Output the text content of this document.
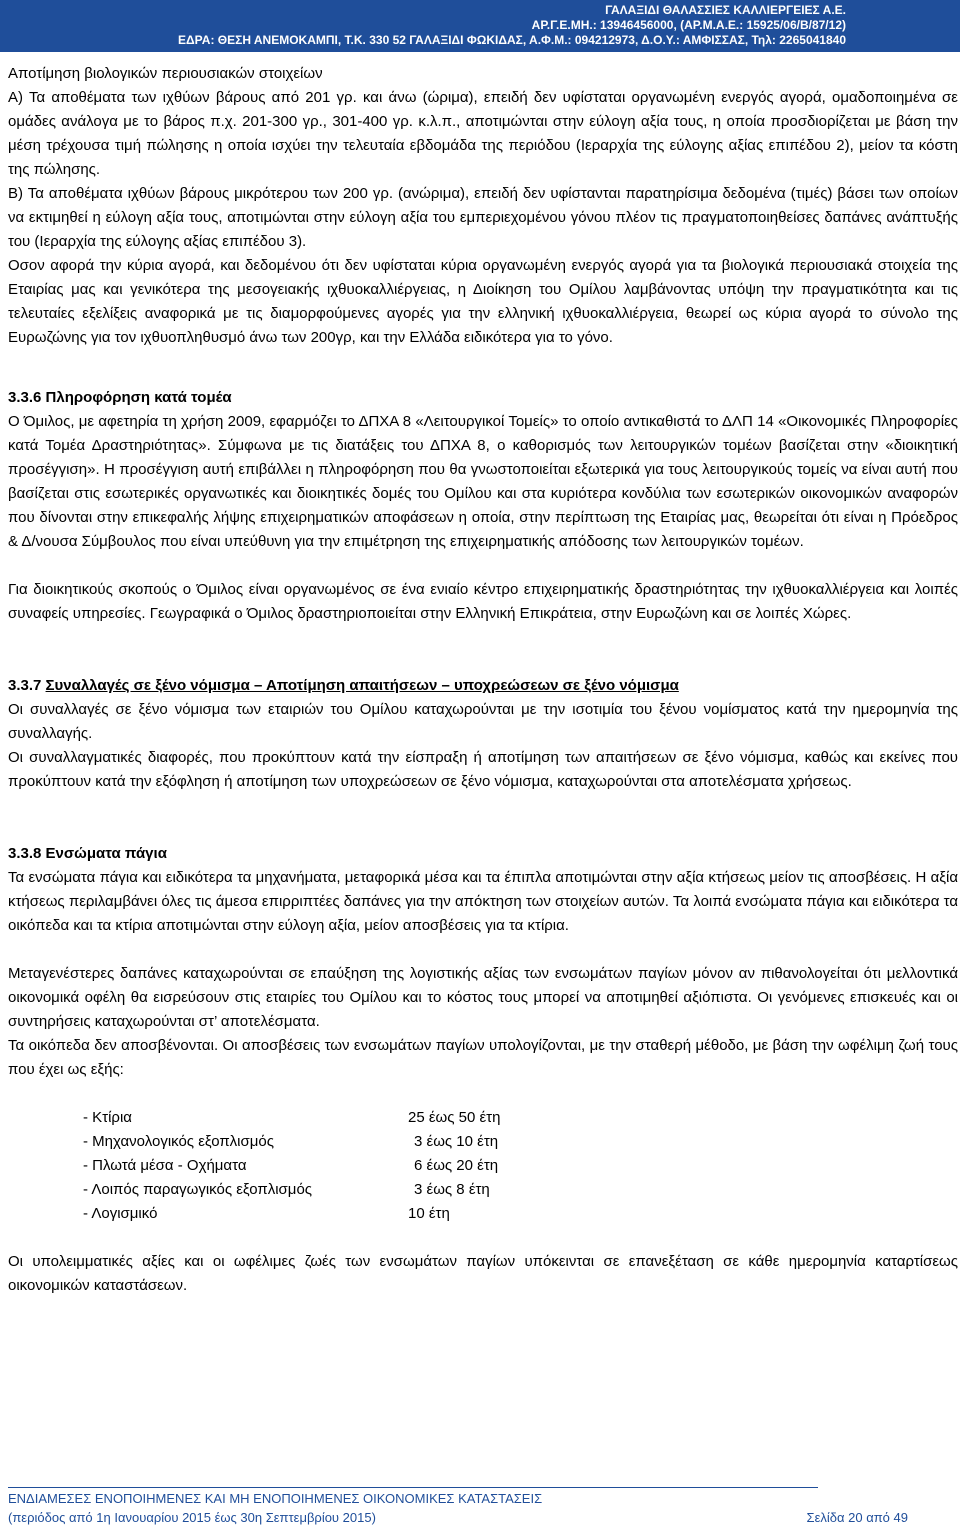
ΓΑΛΑΞΙΔΙ ΘΑΛΑΣΣΙΕΣ ΚΑΛΛΙΕΡΓΕΙΕΣ Α.Ε.
ΑΡ.Γ.Ε.ΜΗ.: 13946456000, (ΑΡ.Μ.Α.Ε.: 15925/06/Β/87/12)
ΕΔΡΑ: ΘΕΣΗ ΑΝΕΜΟΚΑΜΠΙ, Τ.Κ. 330 52 ΓΑΛΑΞΙΔΙ ΦΩΚΙΔΑΣ, Α.Φ.Μ.: 094212973, Δ.Ο.Υ.: ΑΜΦΙΣΣΑΣ, Τηλ: 2265041840

Αποτίμηση βιολογικών περιουσιακών στοιχείων

Α) Τα αποθέματα των ιχθύων βάρους από 201 γρ. και άνω (ώριμα), επειδή δεν υφίσταται οργανωμένη ενεργός αγορά, ομαδοποιημένα σε ομάδες ανάλογα με το βάρος π.χ. 201-300 γρ., 301-400 γρ. κ.λ.π., αποτιμώνται στην εύλογη αξία τους, η οποία προσδιορίζεται με βάση την μέση τρέχουσα τιμή πώλησης η οποία ισχύει την τελευταία εβδομάδα της περιόδου (Ιεραρχία της εύλογης αξίας επιπέδου 2), μείον τα κόστη της πώλησης.

Β) Τα αποθέματα ιχθύων βάρους μικρότερου των 200 γρ. (ανώριμα), επειδή δεν υφίστανται παρατηρίσιμα δεδομένα (τιμές) βάσει των οποίων να εκτιμηθεί η εύλογη αξία τους, αποτιμώνται στην εύλογη αξία του εμπεριεχομένου γόνου πλέον τις πραγματοποιηθείσες δαπάνες ανάπτυξής του (Ιεραρχία της εύλογης αξίας επιπέδου 3).

Οσον αφορά την κύρια αγορά, και δεδομένου ότι δεν υφίσταται κύρια οργανωμένη ενεργός αγορά για τα βιολογικά περιουσιακά στοιχεία της Εταιρίας μας και γενικότερα της μεσογειακής ιχθυοκαλλιέργειας, η Διοίκηση του Ομίλου λαμβάνοντας υπόψη την πραγματικότητα και τις τελευταίες εξελίξεις αναφορικά με τις διαμορφούμενες αγορές για την ελληνική ιχθυοκαλλιέργεια, θεωρεί ως κύρια αγορά το σύνολο της Ευρωζώνης για τον ιχθυοπληθυσμό άνω των 200γρ, και την Ελλάδα ειδικότερα για το γόνο.

3.3.6 Πληροφόρηση κατά τομέα

Ο Όμιλος, με αφετηρία τη χρήση 2009, εφαρμόζει το ΔΠΧΑ 8 «Λειτουργικοί Τομείς» το οποίο αντικαθιστά το ΔΛΠ 14 «Οικονομικές Πληροφορίες κατά Τομέα Δραστηριότητας». Σύμφωνα με τις διατάξεις του ΔΠΧΑ 8, ο καθορισμός των λειτουργικών τομέων βασίζεται στην «διοικητική προσέγγιση». Η προσέγγιση αυτή επιβάλλει η πληροφόρηση που θα γνωστοποιείται εξωτερικά για τους λειτουργικούς τομείς να είναι αυτή που βασίζεται στις εσωτερικές οργανωτικές και διοικητικές δομές του Ομίλου και στα κυριότερα κονδύλια των εσωτερικών οικονομικών αναφορών που δίνονται στην επικεφαλής λήψης επιχειρηματικών αποφάσεων η οποία, στην περίπτωση της Εταιρίας μας, θεωρείται ότι είναι η Πρόεδρος & Δ/νουσα Σύμβουλος που είναι υπεύθυνη για την επιμέτρηση της επιχειρηματικής απόδοσης των λειτουργικών τομέων.

Για διοικητικούς σκοπούς ο Όμιλος είναι οργανωμένος σε ένα ενιαίο κέντρο επιχειρηματικής δραστηριότητας την ιχθυοκαλλιέργεια και λοιπές συναφείς υπηρεσίες. Γεωγραφικά ο Όμιλος δραστηριοποιείται στην Ελληνική Επικράτεια, στην Ευρωζώνη και σε λοιπές Χώρες.

3.3.7 Συναλλαγές σε ξένο νόμισμα – Αποτίμηση απαιτήσεων – υποχρεώσεων σε ξένο νόμισμα

Οι συναλλαγές σε ξένο νόμισμα των εταιριών του Ομίλου καταχωρούνται με την ισοτιμία του ξένου νομίσματος κατά την ημερομηνία της συναλλαγής.

Οι συναλλαγματικές διαφορές, που προκύπτουν κατά την είσπραξη ή αποτίμηση των απαιτήσεων σε ξένο νόμισμα, καθώς και εκείνες που προκύπτουν κατά την εξόφληση ή αποτίμηση των υποχρεώσεων σε ξένο νόμισμα, καταχωρούνται στα αποτελέσματα χρήσεως.

3.3.8 Ενσώματα πάγια

Τα ενσώματα πάγια και ειδικότερα τα μηχανήματα, μεταφορικά μέσα και τα έπιπλα αποτιμώνται στην αξία κτήσεως μείον τις αποσβέσεις. Η αξία κτήσεως περιλαμβάνει όλες τις άμεσα επιρριπτέες δαπάνες για την απόκτηση των στοιχείων αυτών. Τα λοιπά ενσώματα πάγια και ειδικότερα τα οικόπεδα και τα κτίρια αποτιμώνται στην εύλογη αξία, μείον αποσβέσεις για τα κτίρια.

Μεταγενέστερες δαπάνες καταχωρούνται σε επαύξηση της λογιστικής αξίας των ενσωμάτων παγίων μόνον αν πιθανολογείται ότι μελλοντικά οικονομικά οφέλη θα εισρεύσουν στις εταιρίες του Ομίλου και το κόστος τους μπορεί να αποτιμηθεί αξιόπιστα. Οι γενόμενες επισκευές και οι συντηρήσεις καταχωρούνται στ’ αποτελέσματα.

Τα οικόπεδα δεν αποσβένονται. Οι αποσβέσεις των ενσωμάτων παγίων υπολογίζονται, με την σταθερή μέθοδο, με βάση την ωφέλιμη ζωή τους που έχει ως εξής:

- Κτίρια	25 έως 50 έτη
- Μηχανολογικός εξοπλισμός	3 έως 10 έτη
- Πλωτά μέσα - Οχήματα	6 έως 20 έτη
- Λοιπός παραγωγικός εξοπλισμός	3 έως 8 έτη
- Λογισμικό	10 έτη

Οι υπολειμματικές αξίες και οι ωφέλιμες ζωές των ενσωμάτων παγίων υπόκεινται σε επανεξέταση σε κάθε ημερομηνία καταρτίσεως οικονομικών καταστάσεων.

ΕΝΔΙΑΜΕΣΕΣ ΕΝΟΠΟΙΗΜΕΝΕΣ ΚΑΙ ΜΗ ΕΝΟΠΟΙΗΜΕΝΕΣ ΟΙΚΟΝΟΜΙΚΕΣ ΚΑΤΑΣΤΑΣΕΙΣ
(περιόδος από 1η Ιανουαρίου 2015 έως 30η Σεπτεμβρίου 2015)	Σελίδα 20 από 49
